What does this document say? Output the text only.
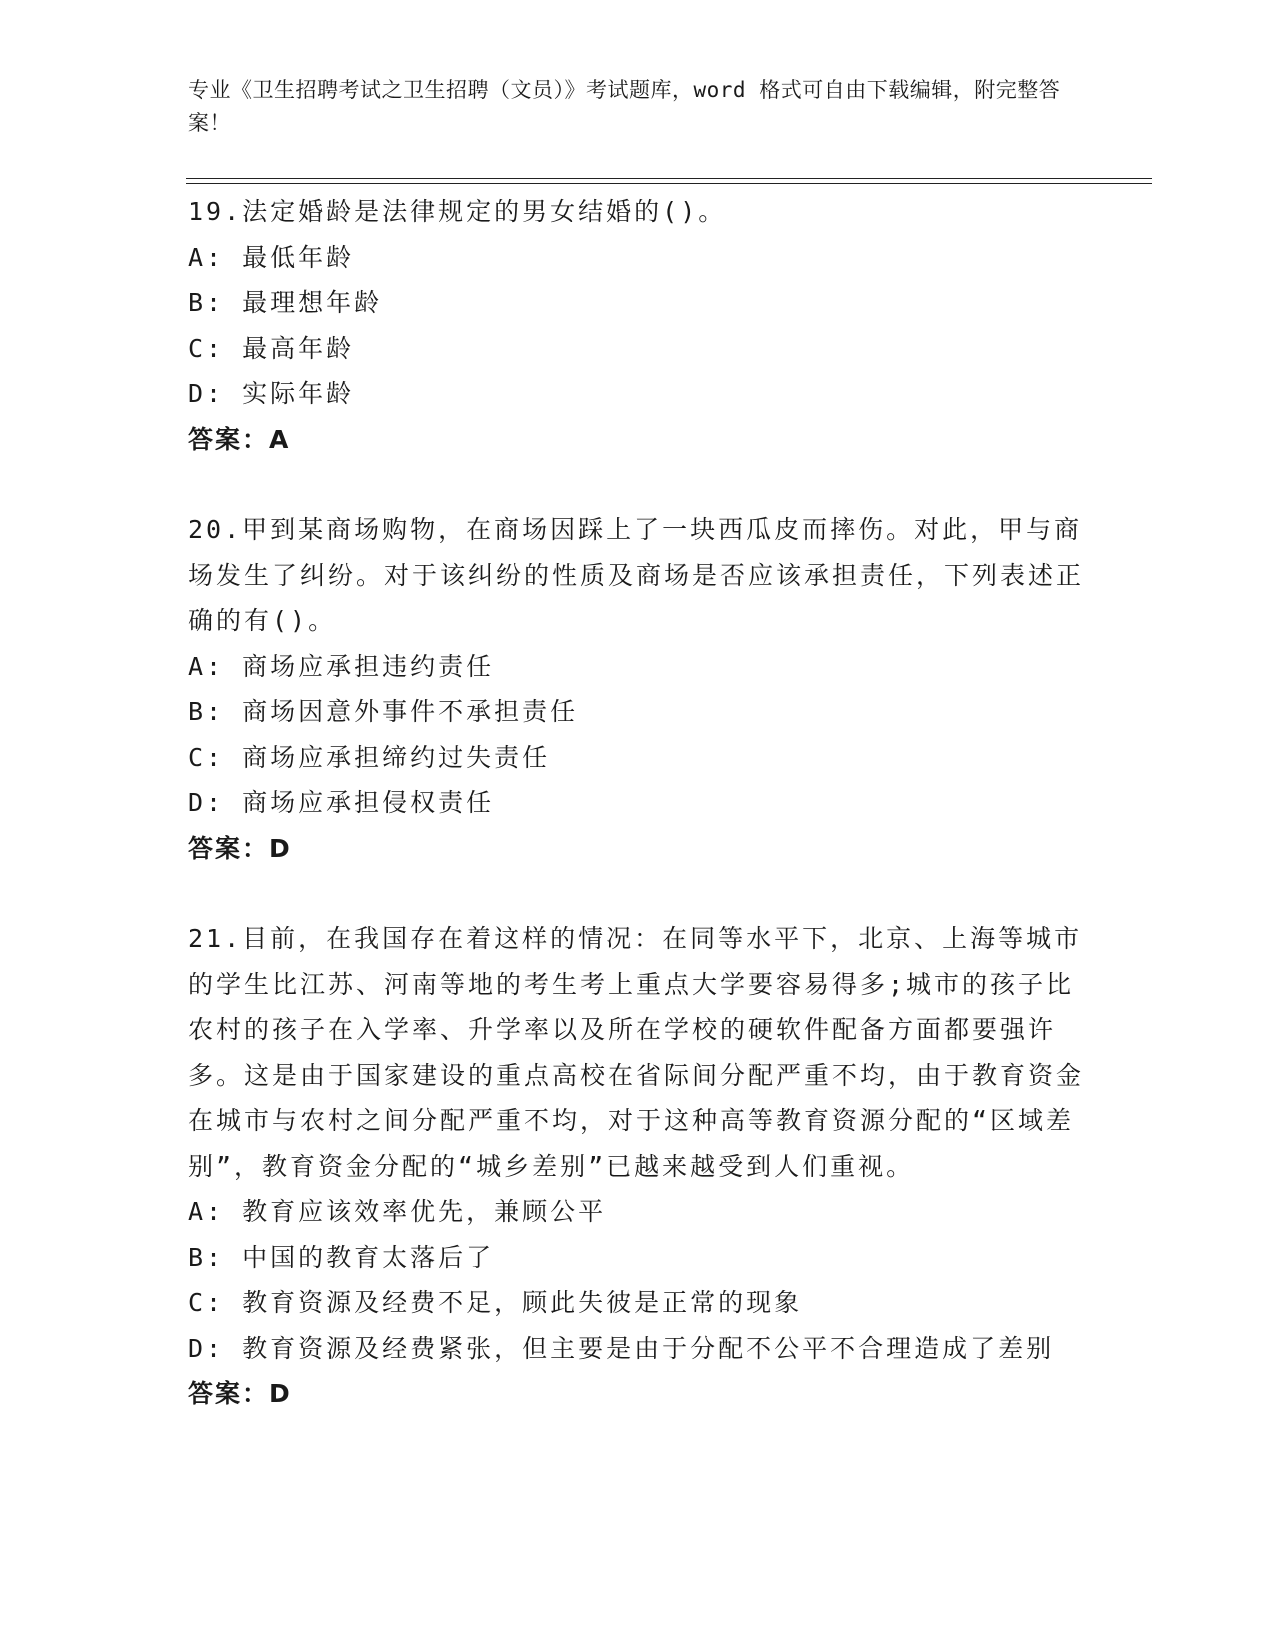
专业《卫生招聘考试之卫生招聘（文员）》考试题库，word 格式可自由下载编辑，附完整答案！
19.法定婚龄是法律规定的男女结婚的()。
A: 最低年龄
B: 最理想年龄
C: 最高年龄
D: 实际年龄
答案：A
20.甲到某商场购物，在商场因踩上了一块西瓜皮而摔伤。对此，甲与商场发生了纠纷。对于该纠纷的性质及商场是否应该承担责任，下列表述正确的有()。
A: 商场应承担违约责任
B: 商场因意外事件不承担责任
C: 商场应承担缔约过失责任
D: 商场应承担侵权责任
答案：D
21.目前，在我国存在着这样的情况：在同等水平下，北京、上海等城市的学生比江苏、河南等地的考生考上重点大学要容易得多;城市的孩子比农村的孩子在入学率、升学率以及所在学校的硬软件配备方面都要强许多。这是由于国家建设的重点高校在省际间分配严重不均，由于教育资金在城市与农村之间分配严重不均，对于这种高等教育资源分配的“区域差别”，教育资金分配的“城乡差别”已越来越受到人们重视。
A: 教育应该效率优先，兼顾公平
B: 中国的教育太落后了
C: 教育资源及经费不足，顾此失彼是正常的现象
D: 教育资源及经费紧张，但主要是由于分配不公平不合理造成了差别
答案：D
